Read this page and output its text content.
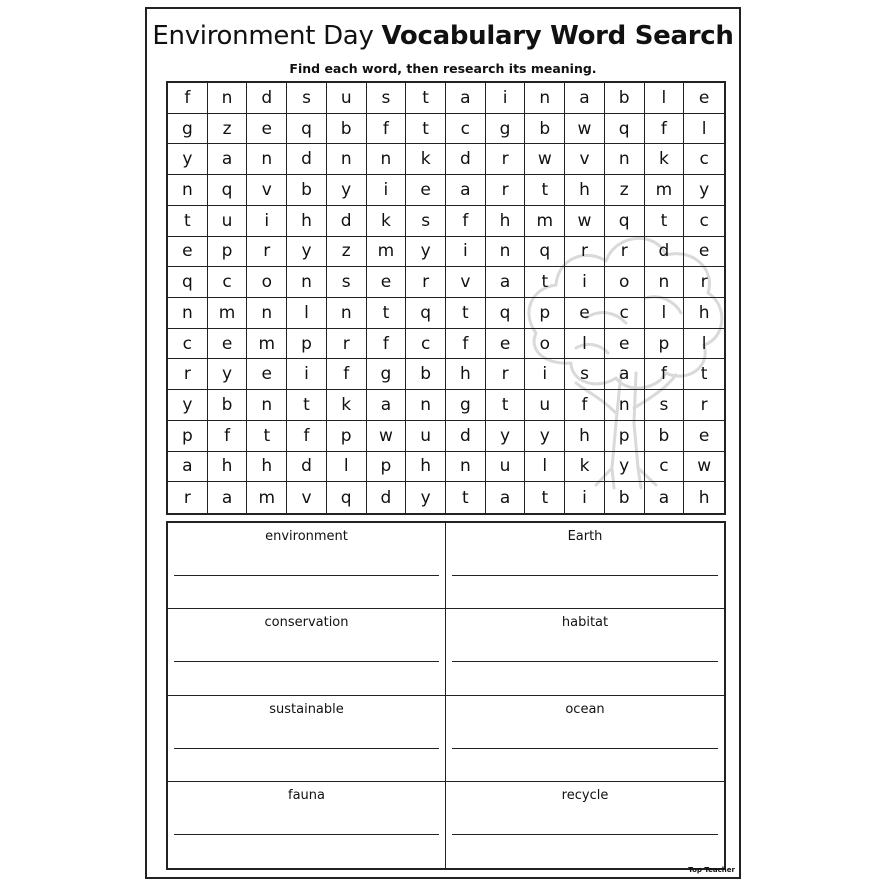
Environment Day Vocabulary Word Search
Find each word, then research its meaning.
f	n	d	s	u	s	t	a	i	n	a	b	l	e
g	z	e	q	b	f	t	c	g	b	w	q	f	l
y	a	n	d	n	n	k	d	r	w	v	n	k	c
n	q	v	b	y	i	e	a	r	t	h	z	m	y
t	u	i	h	d	k	s	f	h	m	w	q	t	c
e	p	r	y	z	m	y	i	n	q	r	r	d	e
q	c	o	n	s	e	r	v	a	t	i	o	n	r
n	m	n	l	n	t	q	t	q	p	e	c	l	h
c	e	m	p	r	f	c	f	e	o	l	e	p	l
r	y	e	i	f	g	b	h	r	i	s	a	f	t
y	b	n	t	k	a	n	g	t	u	f	n	s	r
p	f	t	f	p	w	u	d	y	y	h	p	b	e
a	h	h	d	l	p	h	n	u	l	k	y	c	w
r	a	m	v	q	d	y	t	a	t	i	b	a	h
environment	Earth
conservation	habitat
sustainable	ocean
fauna	recycle
Top Teacher
